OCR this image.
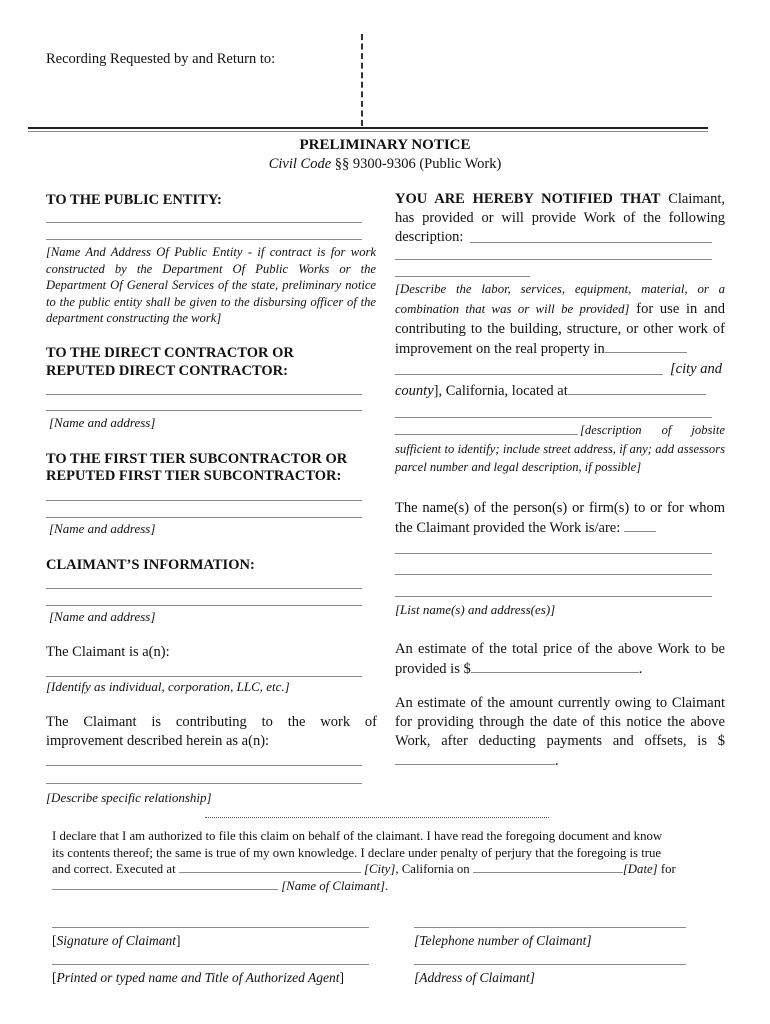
Recording Requested by and Return to:
PRELIMINARY NOTICE
Civil Code §§ 9300-9306 (Public Work)
TO THE PUBLIC ENTITY:
[Name And Address Of Public Entity - if contract is for work constructed by the Department Of Public Works or the Department Of General Services of the state, preliminary notice to the public entity shall be given to the disbursing officer of the department constructing the work]
TO THE DIRECT CONTRACTOR OR
REPUTED DIRECT CONTRACTOR:
[Name and address]
TO THE FIRST TIER SUBCONTRACTOR OR
REPUTED FIRST TIER SUBCONTRACTOR:
[Name and address]
CLAIMANT’S INFORMATION:
[Name and address]
The Claimant is a(n):
[Identify as individual, corporation, LLC, etc.]
The Claimant is contributing to the work of improvement described herein as a(n):
[Describe specific relationship]
YOU ARE HEREBY NOTIFIED THAT Claimant, has provided or will provide Work of the following description:
[Describe the labor, services, equipment, material, or a combination that was or will be provided] for use in and contributing to the building, structure, or other work of improvement on the real property in
[city and
county], California, located at
[description of jobsite sufficient to identify; include street address, if any; add assessors parcel number and legal description, if possible]
The name(s) of the person(s) or firm(s) to or for whom the Claimant provided the Work is/are:
[List name(s) and address(es)]
An estimate of the total price of the above Work to be provided is $	.
An estimate of the amount currently owing to Claimant for providing through the date of this notice the above Work, after deducting payments and offsets, is $.
I declare that I am authorized to file this claim on behalf of the claimant. I have read the foregoing document and know
its contents thereof; the same is true of my own knowledge. I declare under penalty of perjury that the foregoing is true
and correct. Executed at	[City], California on	[Date] for
[Name of Claimant].
[Signature of Claimant]	[Telephone number of Claimant]
[Printed or typed name and Title of Authorized Agent]	[Address of Claimant]
